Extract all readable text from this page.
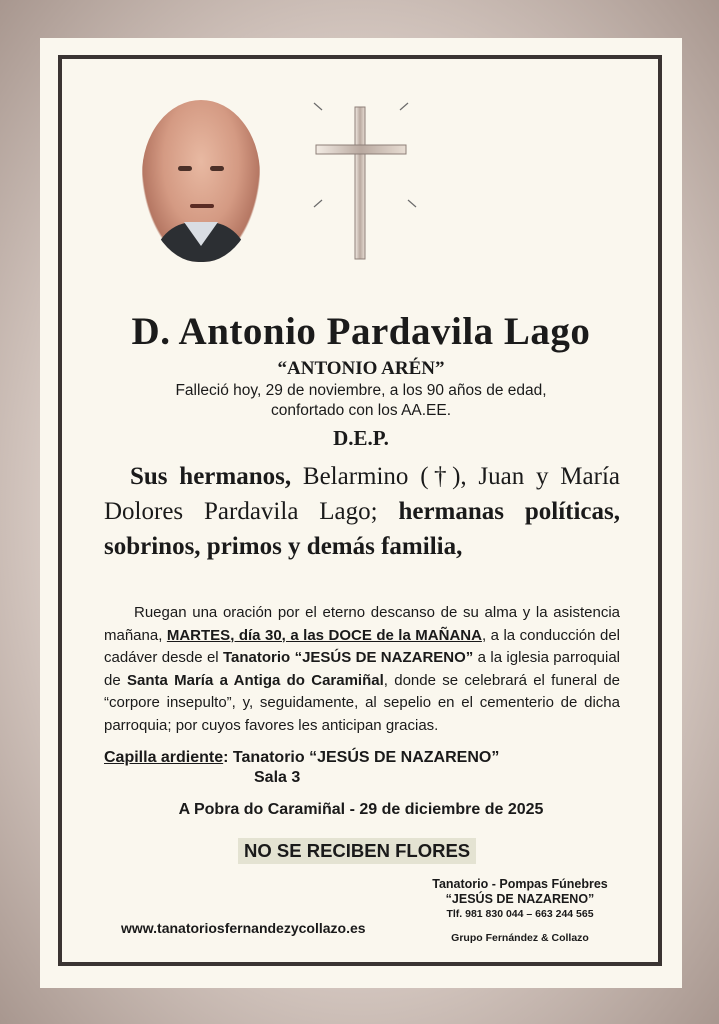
D. Antonio Pardavila Lago
“ANTONIO ARÉN”
Falleció hoy, 29 de noviembre, a los 90 años de edad,
confortado con los AA.EE.
D.E.P.
Sus hermanos, Belarmino (†), Juan y María Dolores Pardavila Lago; hermanas políticas, sobrinos, primos y demás familia,
Ruegan una oración por el eterno descanso de su alma y la asistencia mañana, MARTES, día 30, a las DOCE de la MAÑANA, a la conducción del cadáver desde el Tanatorio “JESÚS DE NAZARENO” a la iglesia parroquial de Santa María a Antiga do Caramiñal, donde se celebrará el funeral de “corpore insepulto”, y, seguidamente, al sepelio en el cementerio de dicha parroquia; por cuyos favores les anticipan gracias.
Capilla ardiente: Tanatorio “JESÚS DE NAZARENO”
Sala 3
A Pobra do Caramiñal - 29 de diciembre de 2025
NO SE RECIBEN FLORES
Tanatorio - Pompas Fúnebres
“JESÚS DE NAZARENO”
Tlf. 981 830 044 – 663 244 565
Grupo Fernández & Collazo
www.tanatoriosfernandezycollazo.es
